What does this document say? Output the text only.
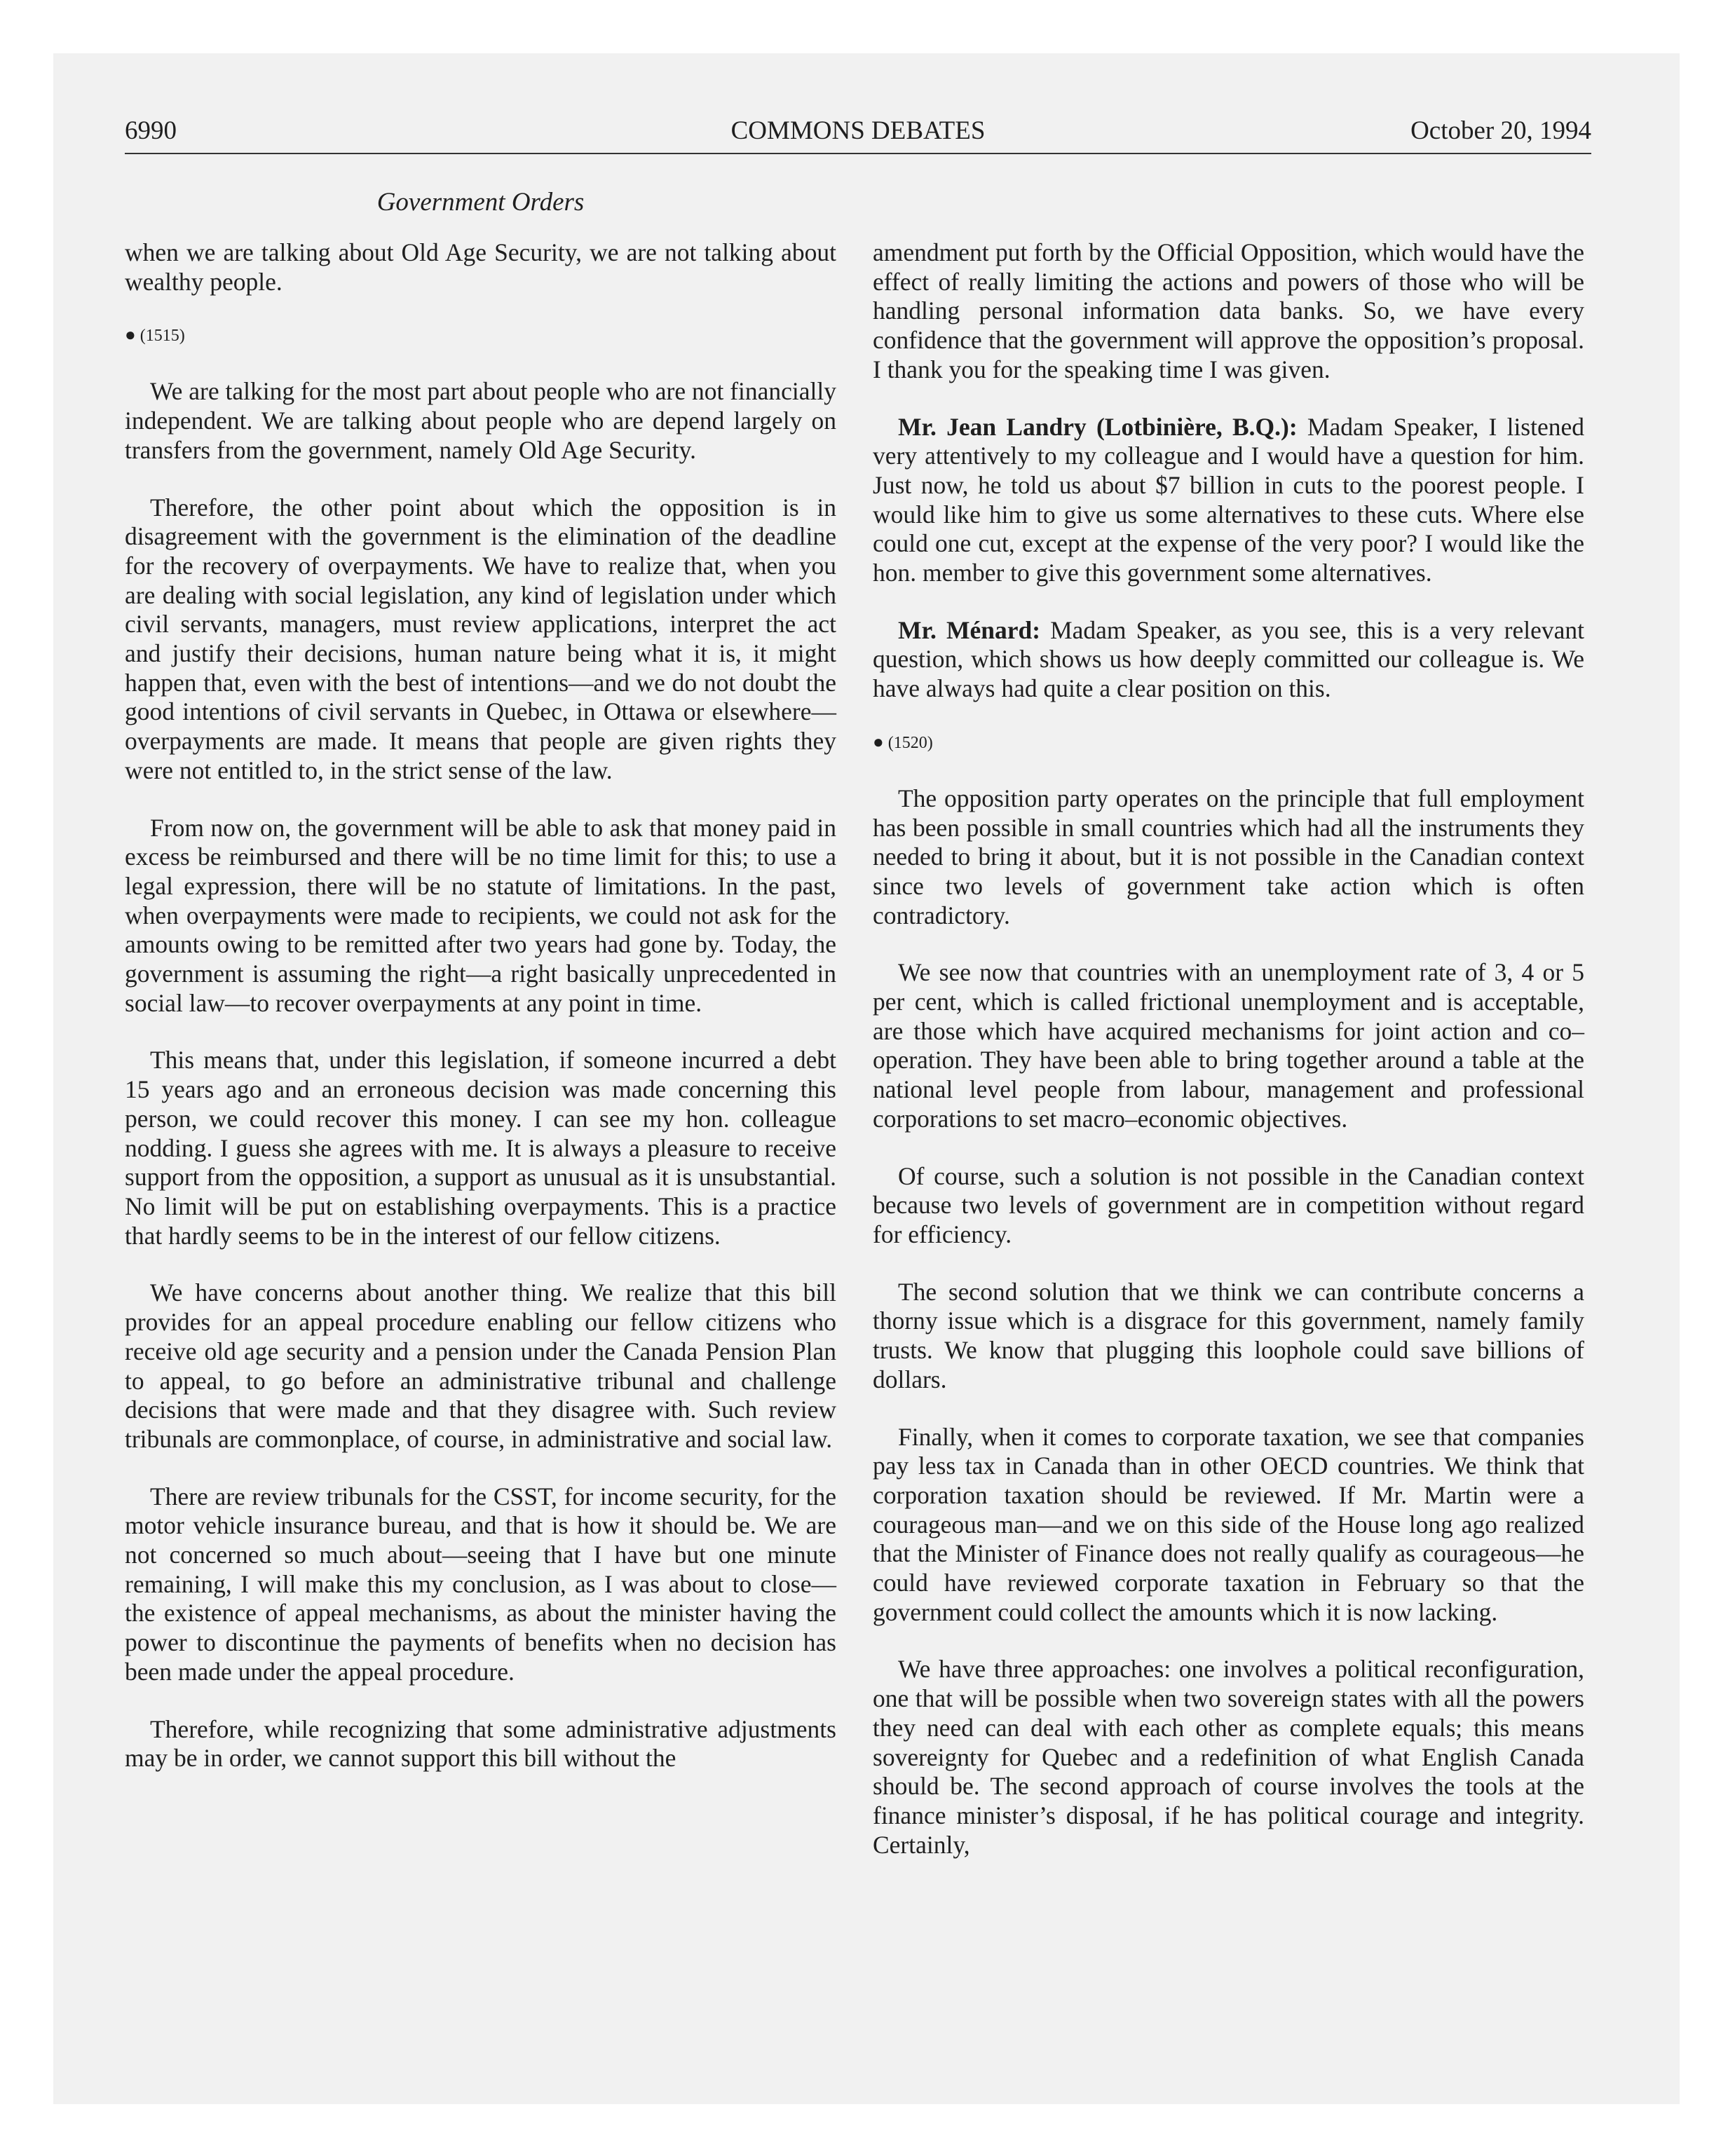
6990	COMMONS DEBATES	October 20, 1994
Government Orders

when we are talking about Old Age Security, we are not talking about wealthy people.

● (1515)

We are talking for the most part about people who are not financially independent. We are talking about people who are depend largely on transfers from the government, namely Old Age Security.

Therefore, the other point about which the opposition is in disagreement with the government is the elimination of the deadline for the recovery of overpayments. We have to realize that, when you are dealing with social legislation, any kind of legislation under which civil servants, managers, must review applications, interpret the act and justify their decisions, human nature being what it is, it might happen that, even with the best of intentions—and we do not doubt the good intentions of civil servants in Quebec, in Ottawa or elsewhere—overpayments are made. It means that people are given rights they were not entitled to, in the strict sense of the law.

From now on, the government will be able to ask that money paid in excess be reimbursed and there will be no time limit for this; to use a legal expression, there will be no statute of limitations. In the past, when overpayments were made to recipients, we could not ask for the amounts owing to be remitted after two years had gone by. Today, the government is assuming the right—a right basically unprecedented in social law—to recover overpayments at any point in time.

This means that, under this legislation, if someone incurred a debt 15 years ago and an erroneous decision was made concerning this person, we could recover this money. I can see my hon. colleague nodding. I guess she agrees with me. It is always a pleasure to receive support from the opposition, a support as unusual as it is unsubstantial. No limit will be put on establishing overpayments. This is a practice that hardly seems to be in the interest of our fellow citizens.

We have concerns about another thing. We realize that this bill provides for an appeal procedure enabling our fellow citizens who receive old age security and a pension under the Canada Pension Plan to appeal, to go before an administrative tribunal and challenge decisions that were made and that they disagree with. Such review tribunals are commonplace, of course, in administrative and social law.

There are review tribunals for the CSST, for income security, for the motor vehicle insurance bureau, and that is how it should be. We are not concerned so much about—seeing that I have but one minute remaining, I will make this my conclusion, as I was about to close— the existence of appeal mechanisms, as about the minister having the power to discontinue the payments of benefits when no decision has been made under the appeal procedure.

Therefore, while recognizing that some administrative adjustments may be in order, we cannot support this bill without the

amendment put forth by the Official Opposition, which would have the effect of really limiting the actions and powers of those who will be handling personal information data banks. So, we have every confidence that the government will approve the opposition’s proposal. I thank you for the speaking time I was given.

Mr. Jean Landry (Lotbinière, B.Q.): Madam Speaker, I listened very attentively to my colleague and I would have a question for him. Just now, he told us about $7 billion in cuts to the poorest people. I would like him to give us some alternatives to these cuts. Where else could one cut, except at the expense of the very poor? I would like the hon. member to give this government some alternatives.

Mr. Ménard: Madam Speaker, as you see, this is a very relevant question, which shows us how deeply committed our colleague is. We have always had quite a clear position on this.

● (1520)

The opposition party operates on the principle that full employment has been possible in small countries which had all the instruments they needed to bring it about, but it is not possible in the Canadian context since two levels of government take action which is often contradictory.

We see now that countries with an unemployment rate of 3, 4 or 5 per cent, which is called frictional unemployment and is acceptable, are those which have acquired mechanisms for joint action and co–operation. They have been able to bring together around a table at the national level people from labour, management and professional corporations to set macro–economic objectives.

Of course, such a solution is not possible in the Canadian context because two levels of government are in competition without regard for efficiency.

The second solution that we think we can contribute concerns a thorny issue which is a disgrace for this government, namely family trusts. We know that plugging this loophole could save billions of dollars.

Finally, when it comes to corporate taxation, we see that companies pay less tax in Canada than in other OECD countries. We think that corporation taxation should be reviewed. If Mr. Martin were a courageous man—and we on this side of the House long ago realized that the Minister of Finance does not really qualify as courageous—he could have reviewed corporate taxation in February so that the government could collect the amounts which it is now lacking.

We have three approaches: one involves a political reconfiguration, one that will be possible when two sovereign states with all the powers they need can deal with each other as complete equals; this means sovereignty for Quebec and a redefinition of what English Canada should be. The second approach of course involves the tools at the finance minister’s disposal, if he has political courage and integrity. Certainly,
